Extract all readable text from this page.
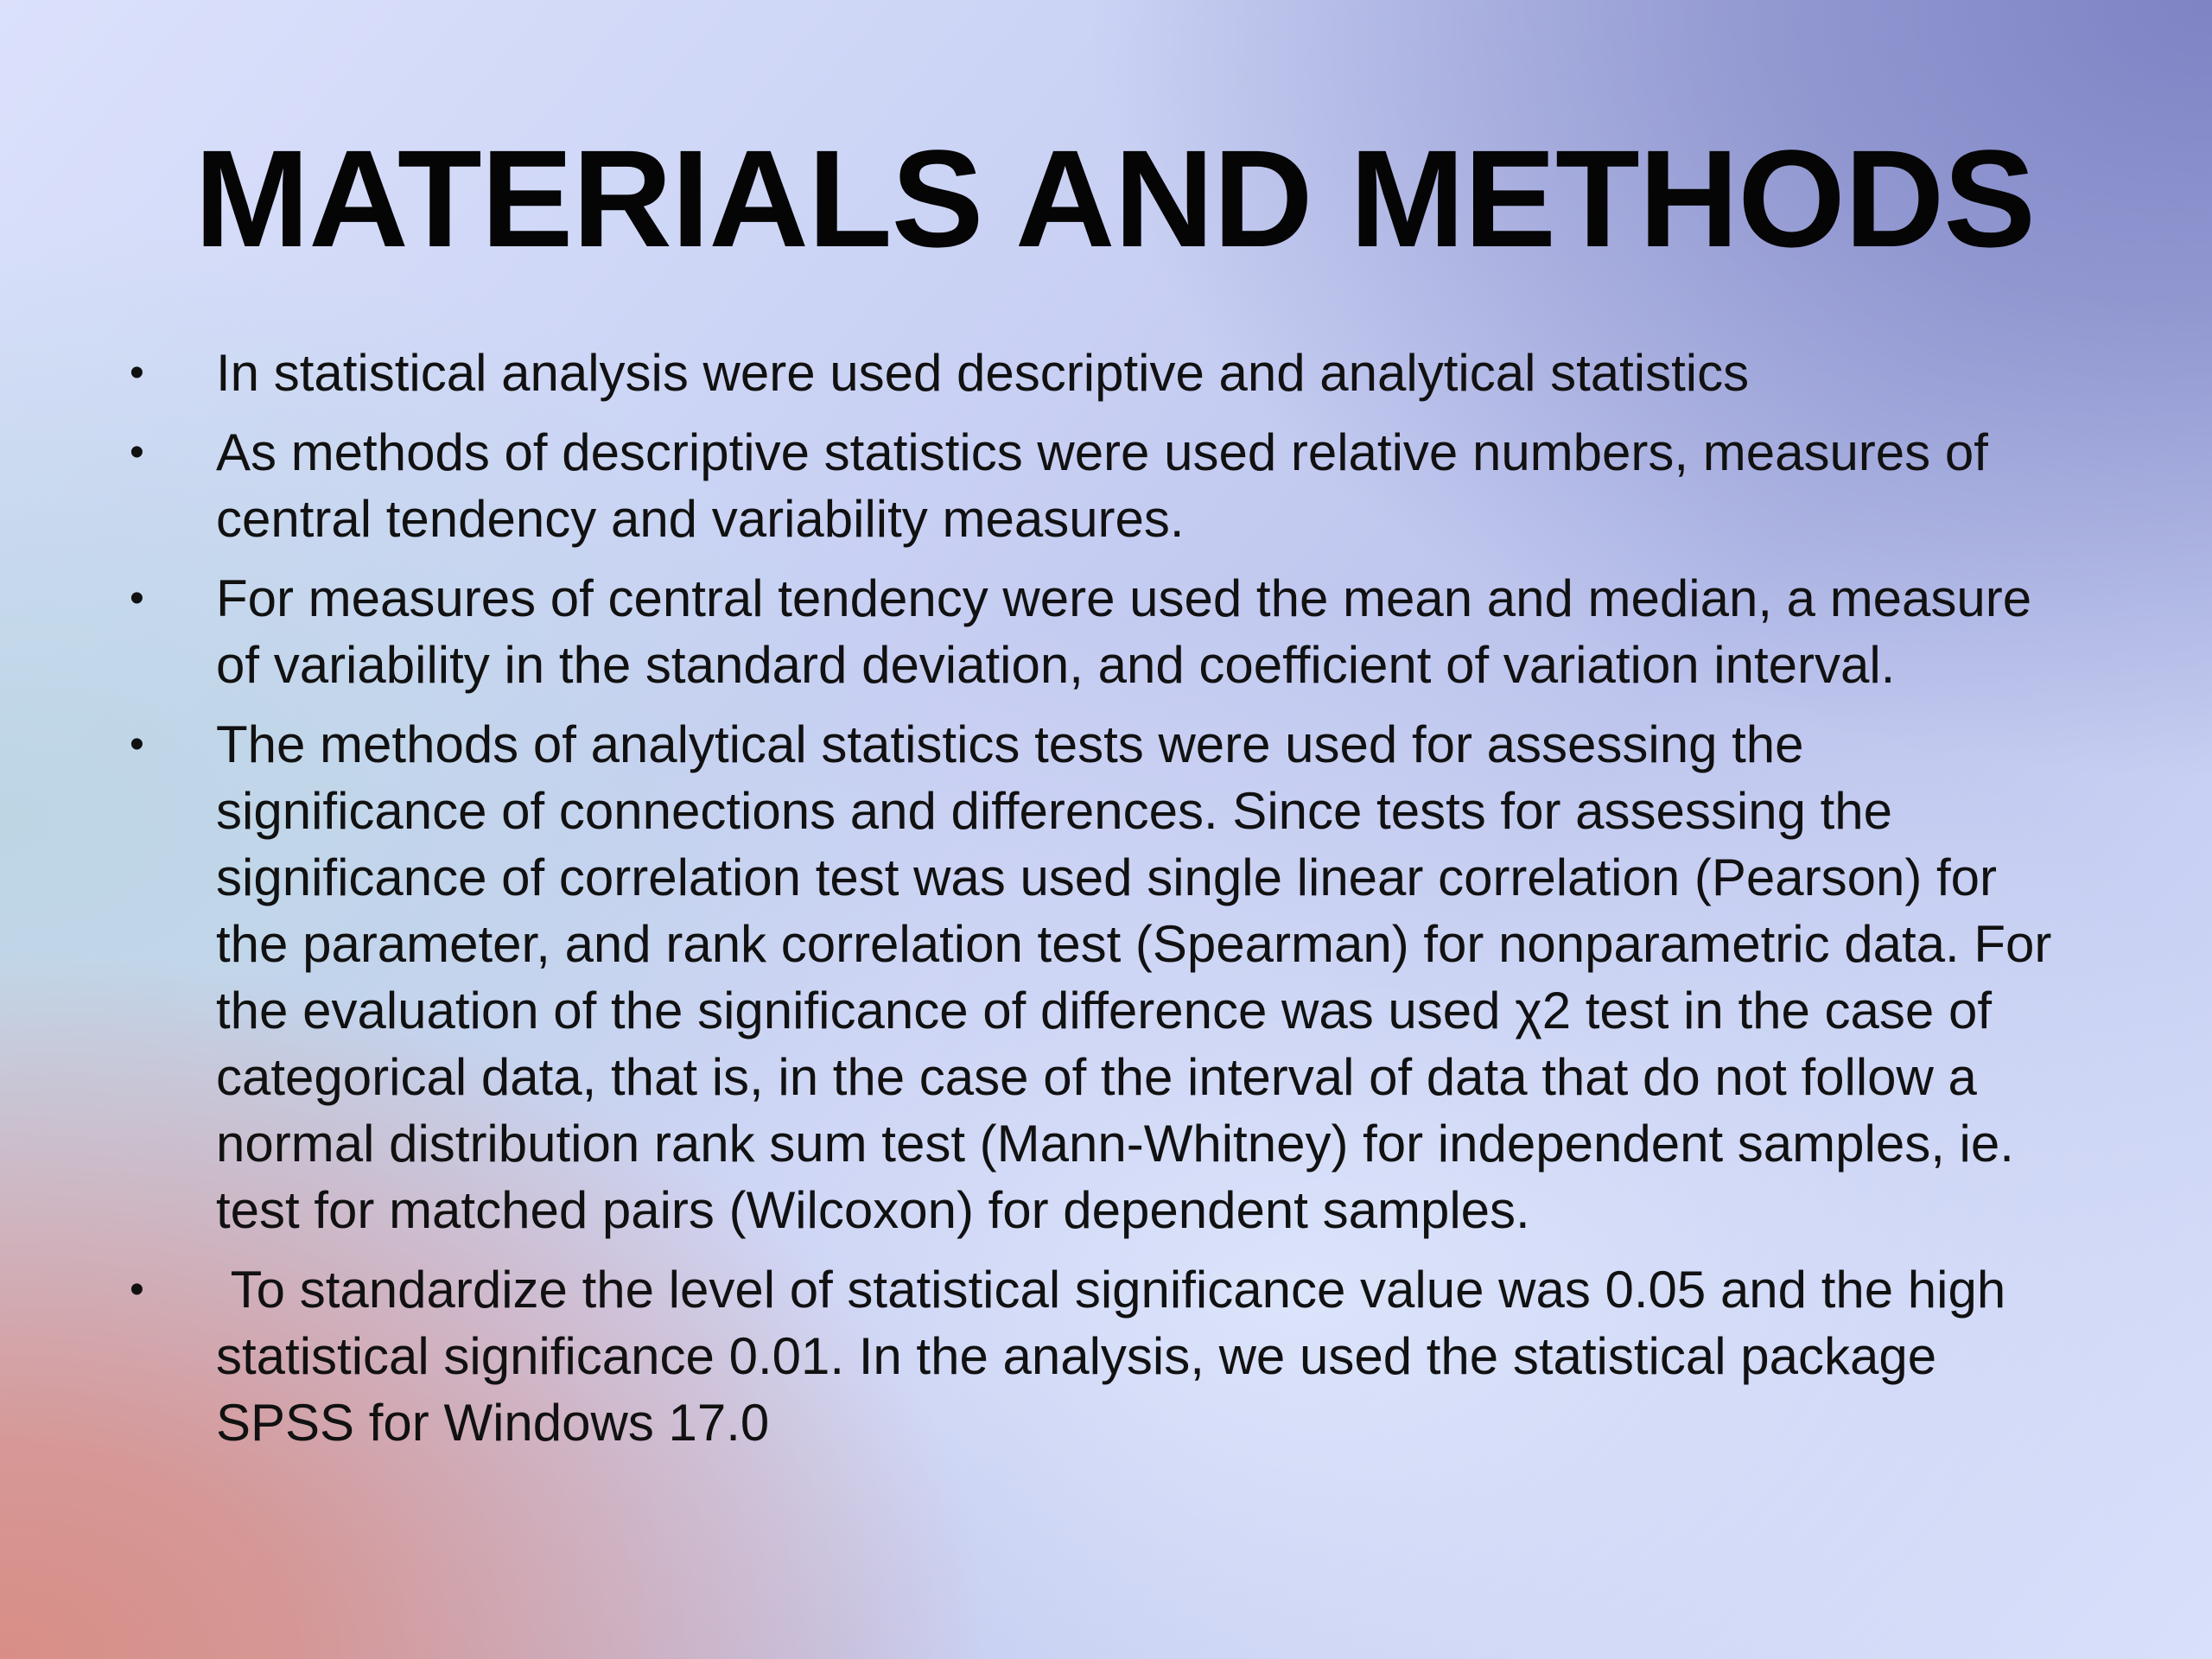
MATERIALS AND METHODS
• In statistical analysis were used descriptive and analytical statistics
• As methods of descriptive statistics were used relative numbers, measures of central tendency and variability measures.
• For measures of central tendency were used the mean and median, a measure of variability in the standard deviation, and coefficient of variation interval.
• The methods of analytical statistics tests were used for assessing the significance of connections and differences. Since tests for assessing the significance of correlation test was used single linear correlation (Pearson) for the parameter, and rank correlation test (Spearman) for nonparametric data. For the evaluation of the significance of difference was used χ2 test in the case of categorical data, that is, in the case of the interval of data that do not follow a normal distribution rank sum test (Mann-Whitney) for independent samples, ie. test for matched pairs (Wilcoxon) for dependent samples.
• To standardize the level of statistical significance value was 0.05 and the high statistical significance 0.01. In the analysis, we used the statistical package SPSS for Windows 17.0
